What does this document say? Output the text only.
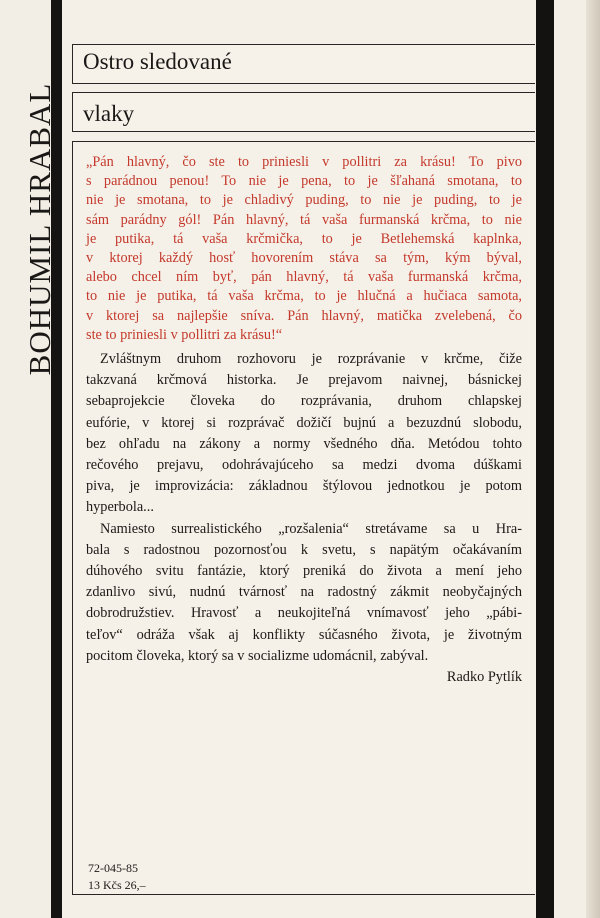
BOHUMIL HRABAL
Ostro sledované
vlaky
„Pán hlavný, čo ste to priniesli v pollitri za krásu! To pivo
s parádnou penou! To nie je pena, to je šľahaná smotana, to
nie je smotana, to je chladivý puding, to nie je puding, to je
sám parádny gól! Pán hlavný, tá vaša furmanská krčma, to nie
je putika, tá vaša krčmička, to je Betlehemská kaplnka,
v ktorej každý hosť hovorením stáva sa tým, kým býval,
alebo chcel ním byť, pán hlavný, tá vaša furmanská krčma,
to nie je putika, tá vaša krčma, to je hlučná a hučiaca samota,
v ktorej sa najlepšie sníva. Pán hlavný, matička zvelebená, čo
ste to priniesli v pollitri za krásu!“
Zvláštnym druhom rozhovoru je rozprávanie v krčme, čiže
takzvaná krčmová historka. Je prejavom naivnej, básnickej
sebaprojekcie človeka do rozprávania, druhom chlapskej
eufórie, v ktorej si rozprávač dožičí bujnú a bezuzdnú slobodu,
bez ohľadu na zákony a normy všedného dňa. Metódou tohto
rečového prejavu, odohrávajúceho sa medzi dvoma dúškami
piva, je improvizácia: základnou štýlovou jednotkou je potom
hyperbola...
Namiesto surrealistického „rozšalenia“ stretávame sa u Hra-
bala s radostnou pozornosťou k svetu, s napätým očakávaním
dúhového svitu fantázie, ktorý preniká do života a mení jeho
zdanlivo sivú, nudnú tvárnosť na radostný zákmit neobyčajných
dobrodružstiev. Hravosť a neukojiteľná vnímavosť jeho „pábi-
teľov“ odráža však aj konflikty súčasného života, je životným
pocitom človeka, ktorý sa v socializme udomácnil, zabýval.
Radko Pytlík
72-045-85
13 Kčs 26,–
